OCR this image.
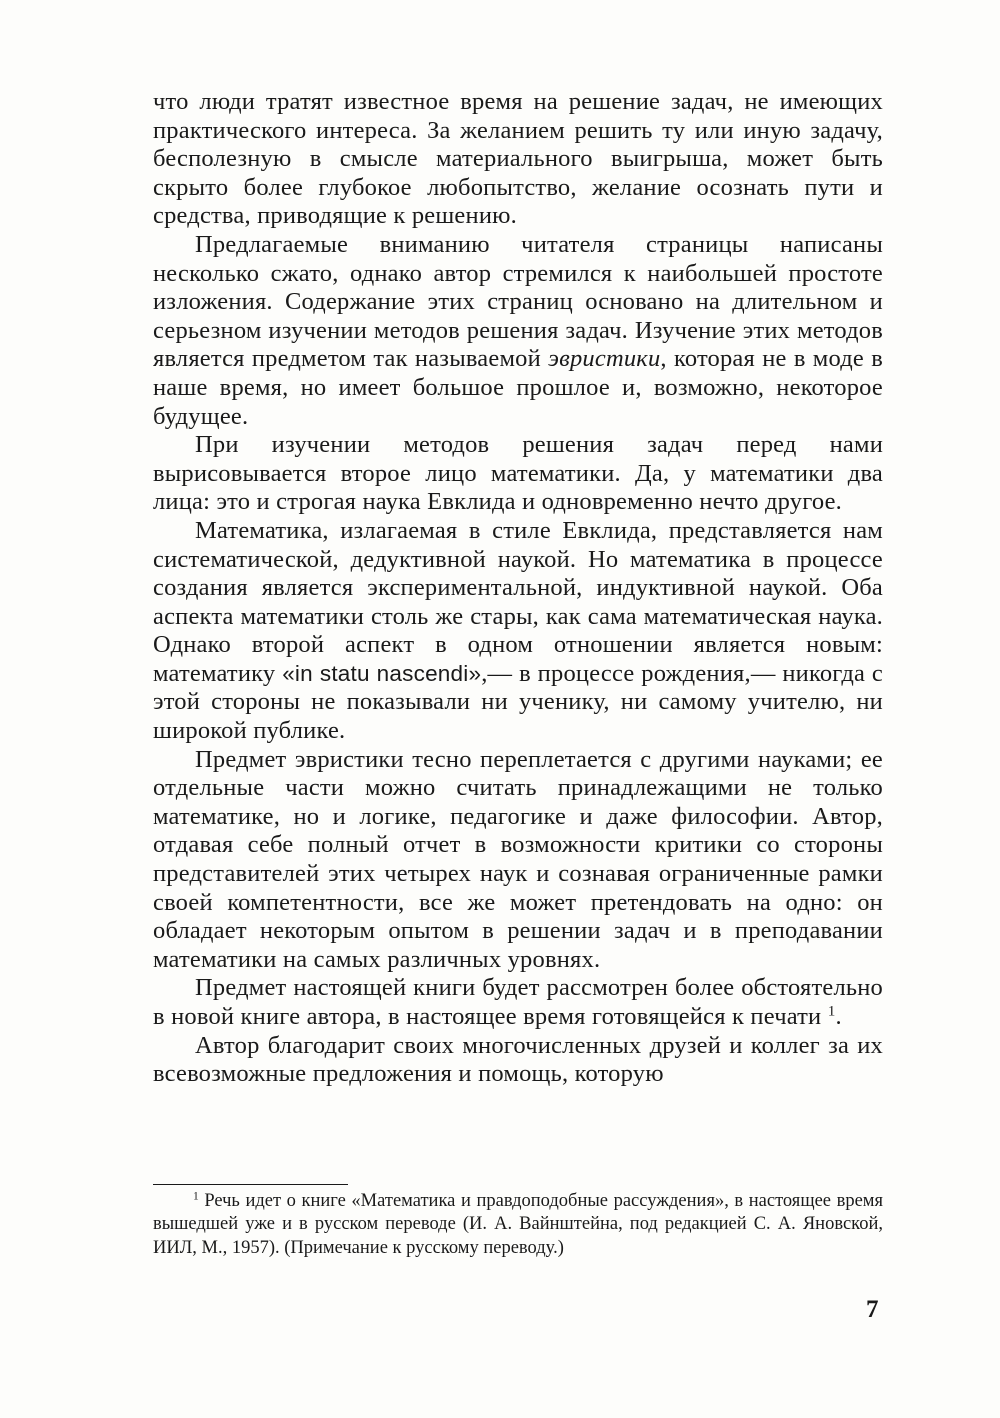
что люди тратят известное время на решение задач, не имеющих практического интереса. За желанием решить ту или иную задачу, бесполезную в смысле материального выигрыша, может быть скрыто более глубокое любопытство, желание осознать пути и средства, приводящие к решению.

Предлагаемые вниманию читателя страницы написаны несколько сжато, однако автор стремился к наибольшей простоте изложения. Содержание этих страниц основано на длительном и серьезном изучении методов решения задач. Изучение этих методов является предметом так называемой эвристики, которая не в моде в наше время, но имеет большое прошлое и, возможно, некоторое будущее.

При изучении методов решения задач перед нами вырисовывается второе лицо математики. Да, у математики два лица: это и строгая наука Евклида и одновременно нечто другое.

Математика, излагаемая в стиле Евклида, представляется нам систематической, дедуктивной наукой. Но математика в процессе создания является экспериментальной, индуктивной наукой. Оба аспекта математики столь же стары, как сама математическая наука. Однако второй аспект в одном отношении является новым: математику «in statu nascendi»,— в процессе рождения,— никогда с этой стороны не показывали ни ученику, ни самому учителю, ни широкой публике.

Предмет эвристики тесно переплетается с другими науками; ее отдельные части можно считать принадлежащими не только математике, но и логике, педагогике и даже философии. Автор, отдавая себе полный отчет в возможности критики со стороны представителей этих четырех наук и сознавая ограниченные рамки своей компетентности, все же может претендовать на одно: он обладает некоторым опытом в решении задач и в преподавании математики на самых различных уровнях.

Предмет настоящей книги будет рассмотрен более обстоятельно в новой книге автора, в настоящее время готовящейся к печати $^1$.

Автор благодарит своих многочисленных друзей и коллег за их всевозможные предложения и помощь, которую

$^1$ Речь идет о книге «Математика и правдоподобные рассуждения», в настоящее время вышедшей уже и в русском переводе (И. А. Вайнштейна, под редакцией С. А. Яновской, ИИЛ, М., 1957). (Примечание к русскому переводу.)

7
